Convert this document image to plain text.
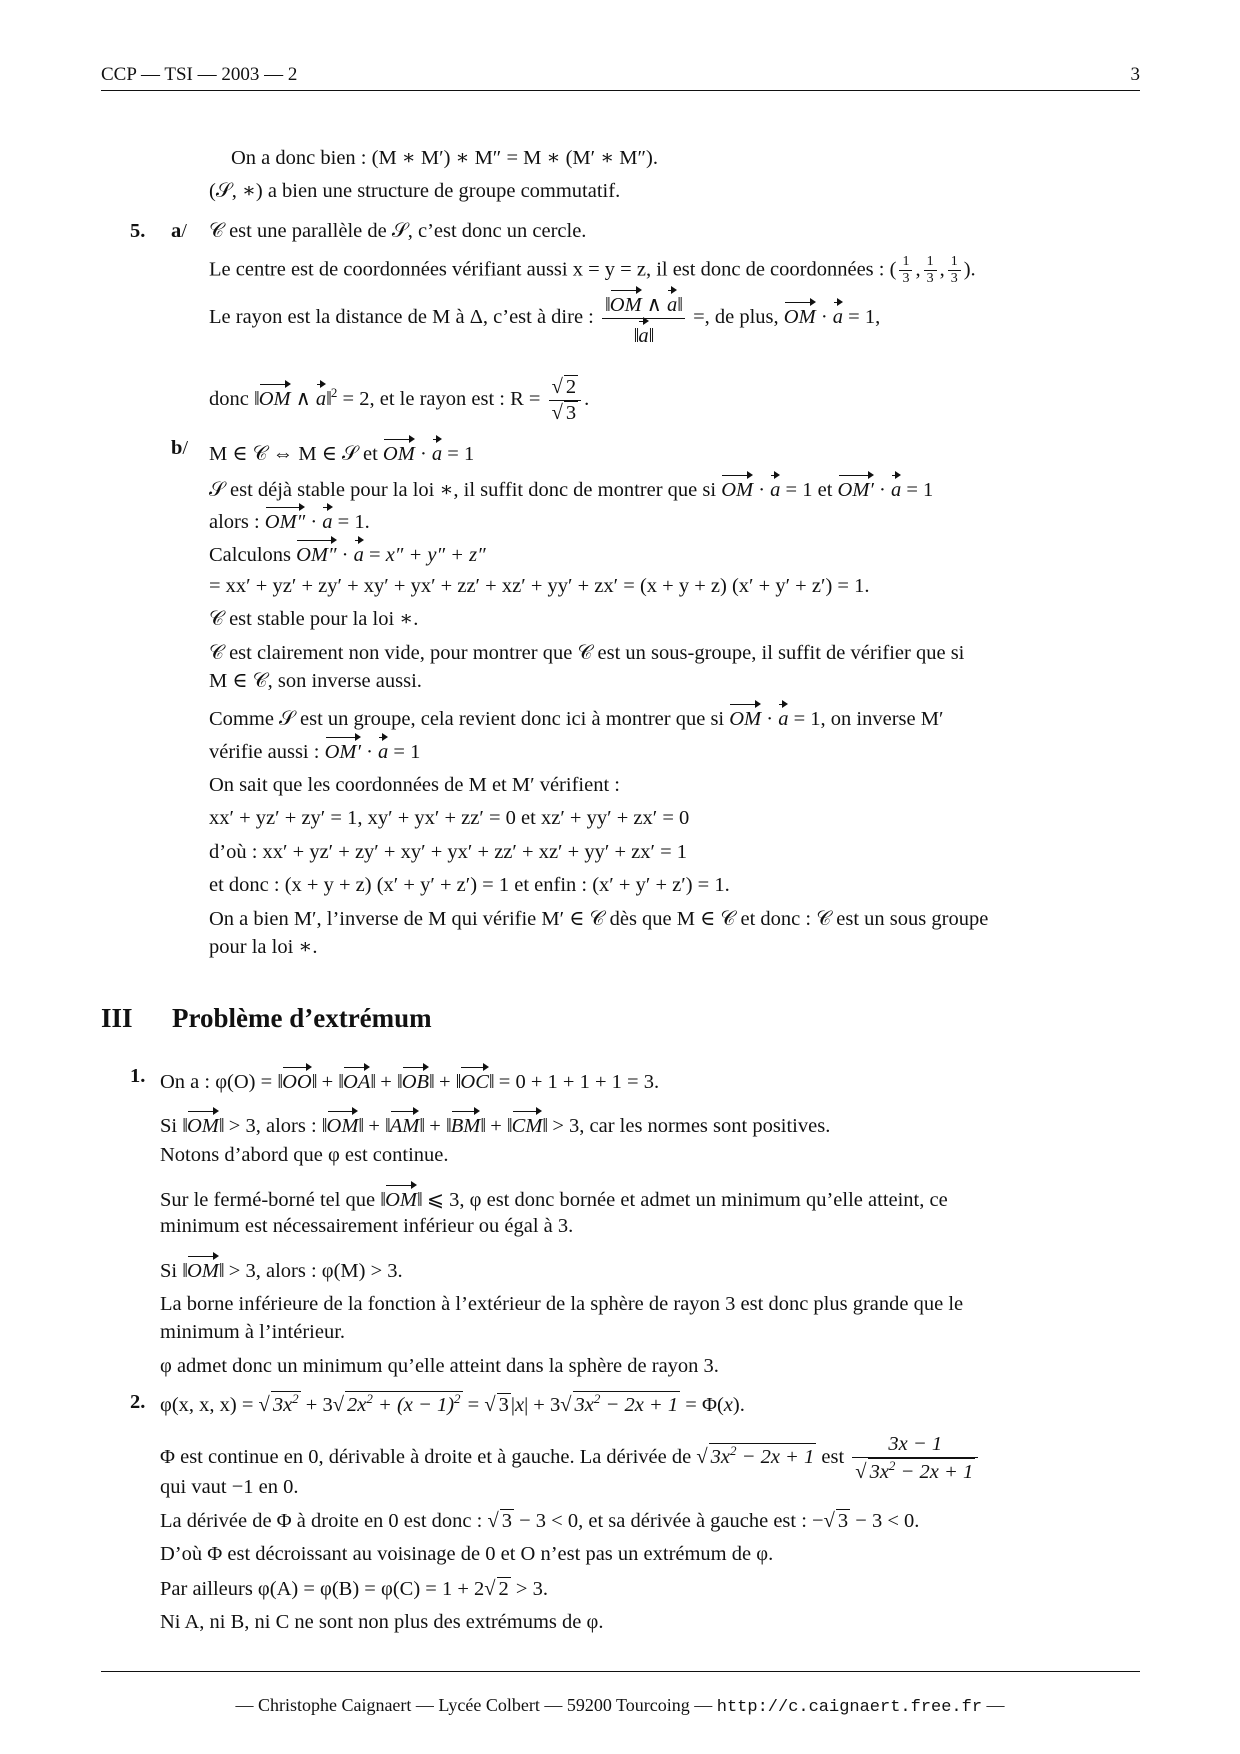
CCP — TSI — 2003 — 2	3
On a donc bien : (M ∗ M′) ∗ M″ = M ∗ (M′ ∗ M″).
(𝒮, ∗) a bien une structure de groupe commutatif.
5. a/ 𝒞 est une parallèle de 𝒮, c’est donc un cercle.
Le centre est de coordonnées vérifiant aussi x = y = z, il est donc de coordonnées : ( $\frac{1}{3}$ , $\frac{1}{3}$ , $\frac{1}{3}$ ).
Le rayon est la distance de M à Δ, c’est à dire : $\frac{‖OM \wedge a‖}{‖a‖}$ =, de plus, OM · a = 1,
donc ‖OM ∧ a‖$^2$ = 2, et le rayon est : $R = \frac{√ 2}{√ 3}$ .
b/ M ∈ 𝒞 ⇔ M ∈ 𝒮 et OM · a = 1
𝒮 est déjà stable pour la loi ∗, il suffit donc de montrer que si OM · a = 1 et OM′ · a = 1
alors : OM″ · a = 1.
Calculons OM″ · a = x″ + y″ + z″
= xx′ + yz′ + zy′ + xy′ + yx′ + zz′ + xz′ + yy′ + zx′ = (x + y + z) (x′ + y′ + z′) = 1.
𝒞 est stable pour la loi ∗.
𝒞 est clairement non vide, pour montrer que 𝒞 est un sous-groupe, il suffit de vérifier que si
M ∈ 𝒞, son inverse aussi.
Comme 𝒮 est un groupe, cela revient donc ici à montrer que si OM · a = 1, on inverse M′
vérifie aussi : OM′ · a = 1
On sait que les coordonnées de M et M′ vérifient :
xx′ + yz′ + zy′ = 1, xy′ + yx′ + zz′ = 0 et xz′ + yy′ + zx′ = 0
d’où : xx′ + yz′ + zy′ + xy′ + yx′ + zz′ + xz′ + yy′ + zx′ = 1
et donc : (x + y + z) (x′ + y′ + z′) = 1 et enfin : (x′ + y′ + z′) = 1.
On a bien M′, l’inverse de M qui vérifie M′ ∈ 𝒞 dès que M ∈ 𝒞 et donc : 𝒞 est un sous groupe
pour la loi ∗.
III Problème d’extrémum
1. On a : φ(O) = ‖OO‖ + ‖OA‖ + ‖OB‖ + ‖OC‖ = 0 + 1 + 1 + 1 = 3.
Si ‖OM‖ > 3, alors : ‖OM‖ + ‖AM‖ + ‖BM‖ + ‖CM‖ > 3, car les normes sont positives.
Notons d’abord que φ est continue.
Sur le fermé-borné tel que ‖OM‖ ⩽ 3, φ est donc bornée et admet un minimum qu’elle atteint, ce
minimum est nécessairement inférieur ou égal à 3.
Si ‖OM‖ > 3, alors : φ(M) > 3.
La borne inférieure de la fonction à l’extérieur de la sphère de rayon 3 est donc plus grande que le
minimum à l’intérieur.
φ admet donc un minimum qu’elle atteint dans la sphère de rayon 3.
2. φ(x, x, x) = √ $3x^2 + 3√$ $2x^2 + (x - 1)^2$ = √ 3|x| + 3√ $3x^2 - 2x + 1 = \Phi(x)$.
Φ est continue en 0, dérivable à droite et à gauche. La dérivée de √ $3x^2 - 2x + 1$ est $\frac{3x - 1}{√ 3x^2 - 2x + 1}$
qui vaut −1 en 0.
La dérivée de Φ à droite en 0 est donc : √ 3 − 3 < 0, et sa dérivée à gauche est : −√ 3 − 3 < 0.
D’où Φ est décroissant au voisinage de 0 et O n’est pas un extrémum de φ.
Par ailleurs φ(A) = φ(B) = φ(C) = 1 + 2√ 2 > 3.
Ni A, ni B, ni C ne sont non plus des extrémums de φ.
— Christophe Caignaert — Lycée Colbert — 59200 Tourcoing — http://c.caignaert.free.fr —
